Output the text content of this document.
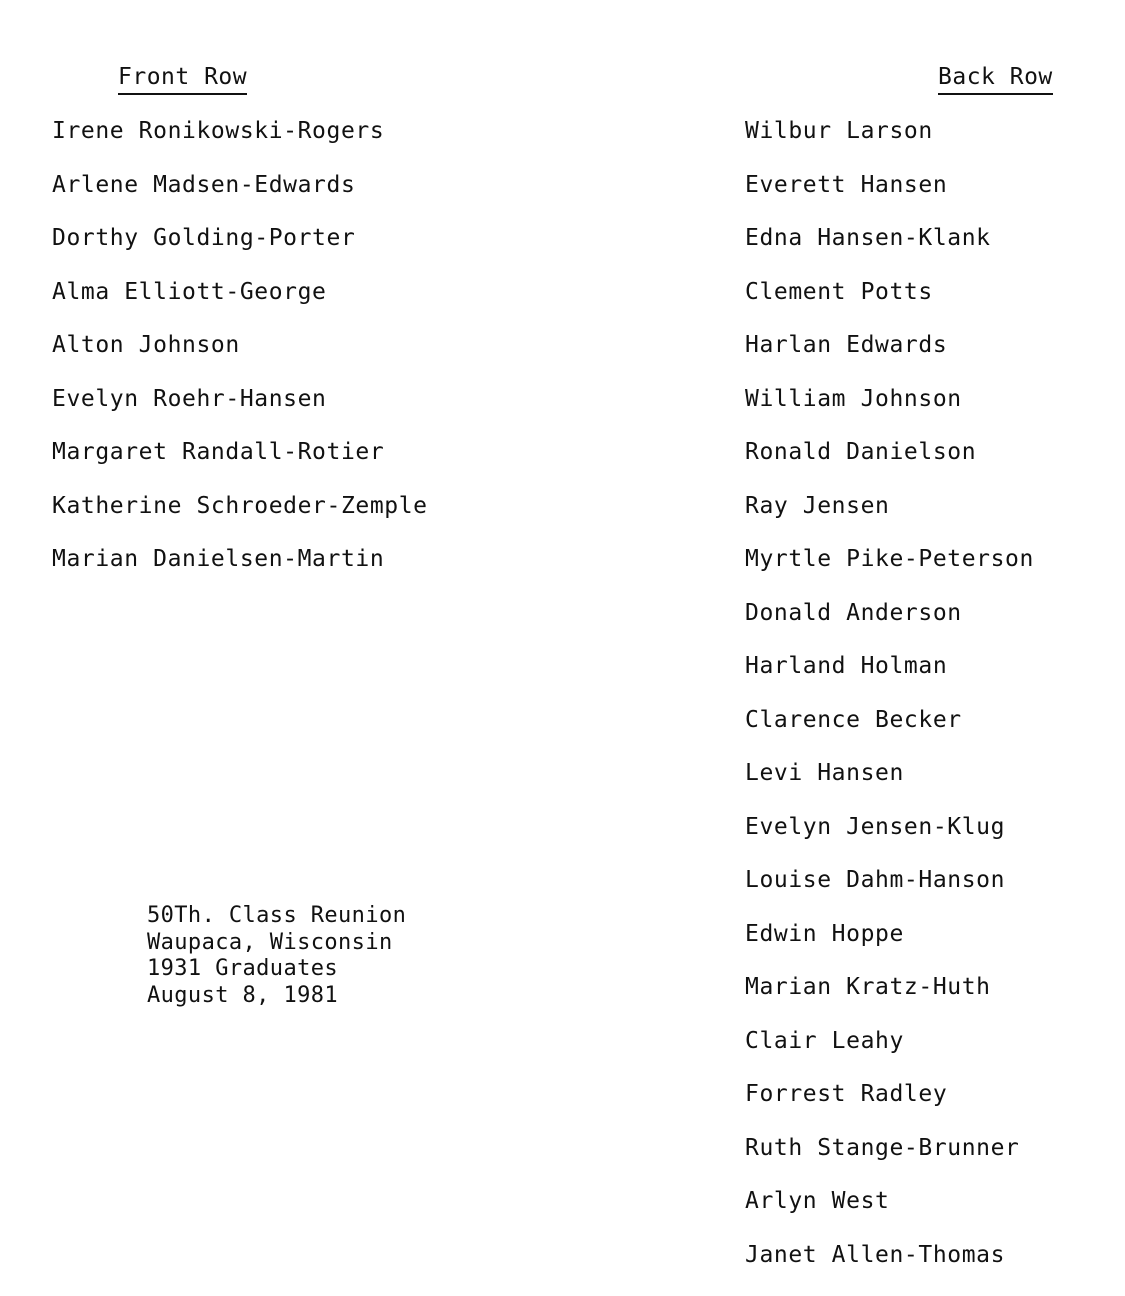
Front Row	Back Row
Irene Ronikowski-Rogers
Arlene Madsen-Edwards
Dorthy Golding-Porter
Alma Elliott-George
Alton Johnson
Evelyn Roehr-Hansen
Margaret Randall-Rotier
Katherine Schroeder-Zemple
Marian Danielsen-Martin
Wilbur Larson
Everett Hansen
Edna Hansen-Klank
Clement Potts
Harlan Edwards
William Johnson
Ronald Danielson
Ray Jensen
Myrtle Pike-Peterson
Donald Anderson
Harland Holman
Clarence Becker
Levi Hansen
Evelyn Jensen-Klug
Louise Dahm-Hanson
Edwin Hoppe
Marian Kratz-Huth
Clair Leahy
Forrest Radley
Ruth Stange-Brunner
Arlyn West
Janet Allen-Thomas
50Th. Class Reunion
Waupaca, Wisconsin
1931 Graduates
August 8, 1981
